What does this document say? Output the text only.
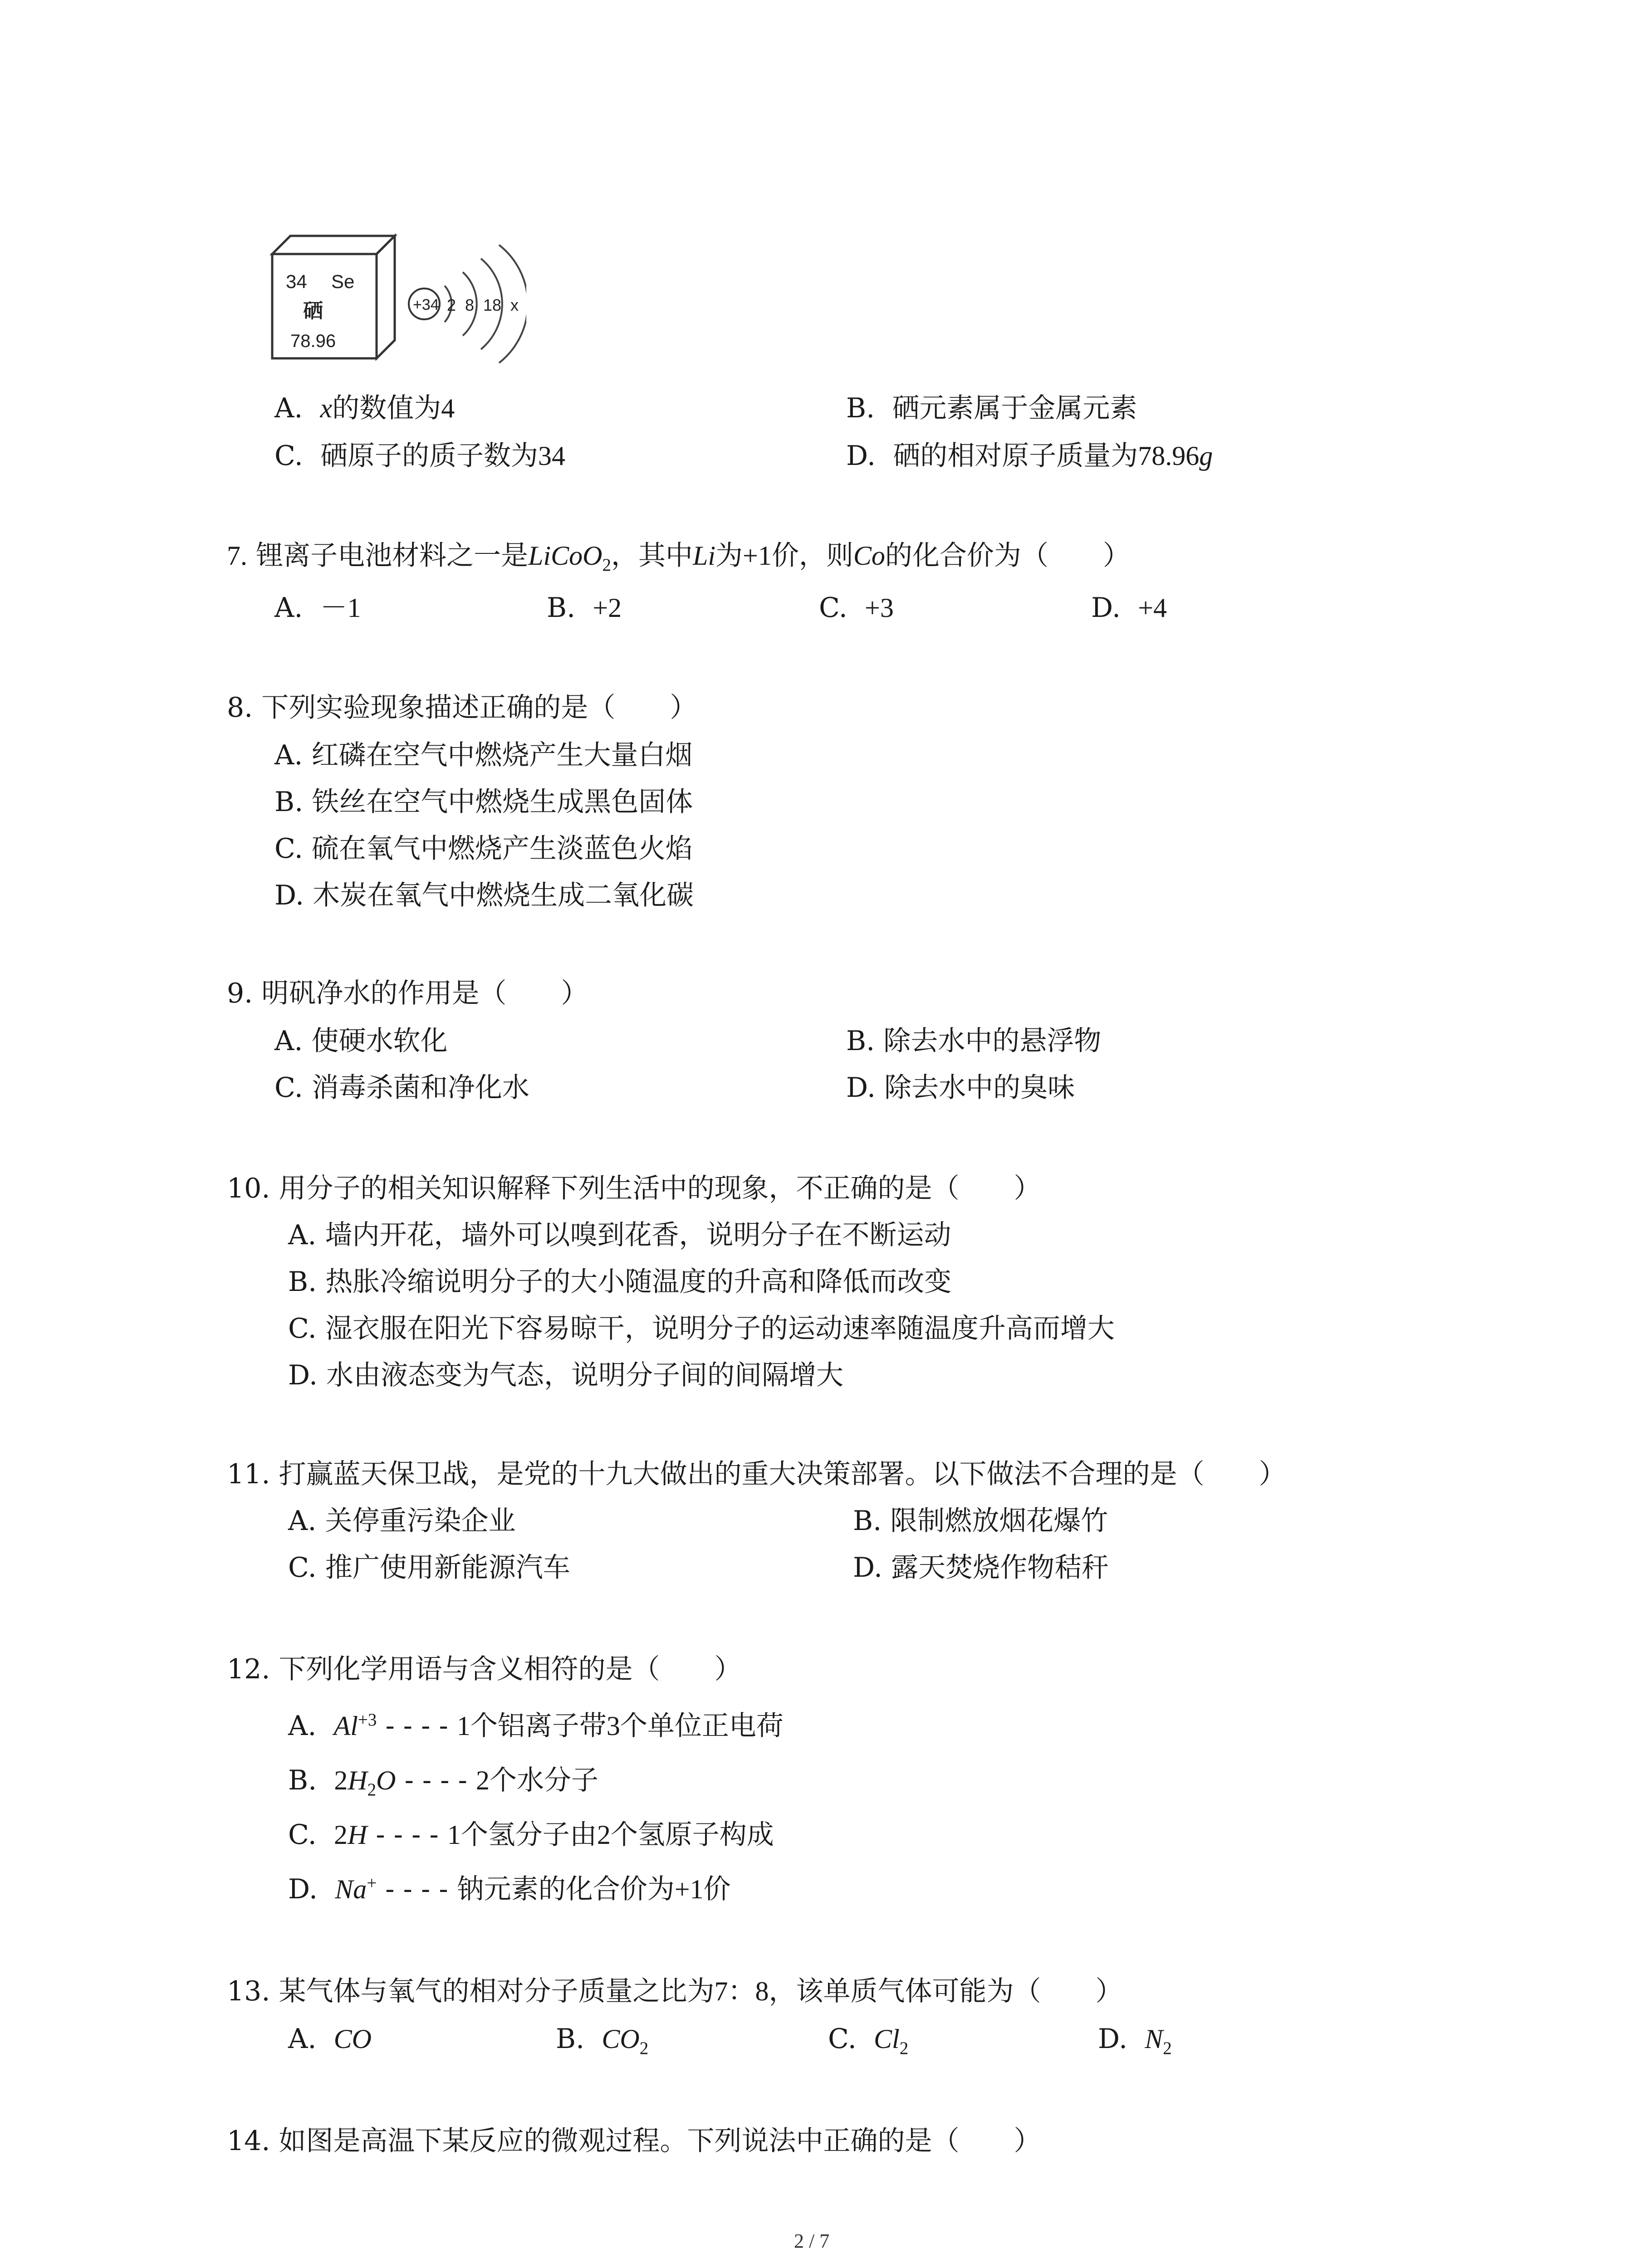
34 Se
硒
78.96
+34 2 8 18 x
A. x的数值为4	B. 硒元素属于金属元素
C. 硒原子的质子数为34	D. 硒的相对原子质量为78.96g
7. 锂离子电池材料之一是LiCoO$_2$，其中Li为+1价，则Co的化合价为（　　）
A. －1	B. +2	C. +3	D. +4
8. 下列实验现象描述正确的是（　　）
A. 红磷在空气中燃烧产生大量白烟
B. 铁丝在空气中燃烧生成黑色固体
C. 硫在氧气中燃烧产生淡蓝色火焰
D. 木炭在氧气中燃烧生成二氧化碳
9. 明矾净水的作用是（　　）
A. 使硬水软化	B. 除去水中的悬浮物
C. 消毒杀菌和净化水	D. 除去水中的臭味
10. 用分子的相关知识解释下列生活中的现象，不正确的是（　　）
A. 墙内开花，墙外可以嗅到花香，说明分子在不断运动
B. 热胀冷缩说明分子的大小随温度的升高和降低而改变
C. 湿衣服在阳光下容易晾干，说明分子的运动速率随温度升高而增大
D. 水由液态变为气态，说明分子间的间隔增大
11. 打赢蓝天保卫战，是党的十九大做出的重大决策部署。以下做法不合理的是（　　）
A. 关停重污染企业	B. 限制燃放烟花爆竹
C. 推广使用新能源汽车	D. 露天焚烧作物秸秆
12. 下列化学用语与含义相符的是（　　）
A. $Al^{+3}$ - - - - 1个铝离子带3个单位正电荷
B. $2H_2O$ - - - - 2个水分子
C. 2H - - - - 1个氢分子由2个氢原子构成
D. Na+ - - - - 钠元素的化合价为+1价
13. 某气体与氧气的相对分子质量之比为7：8，该单质气体可能为（　　）
A. CO	B. $CO_2$	C. $Cl_2$	D. $N_2$
14. 如图是高温下某反应的微观过程。下列说法中正确的是（　　）
2 / 7
